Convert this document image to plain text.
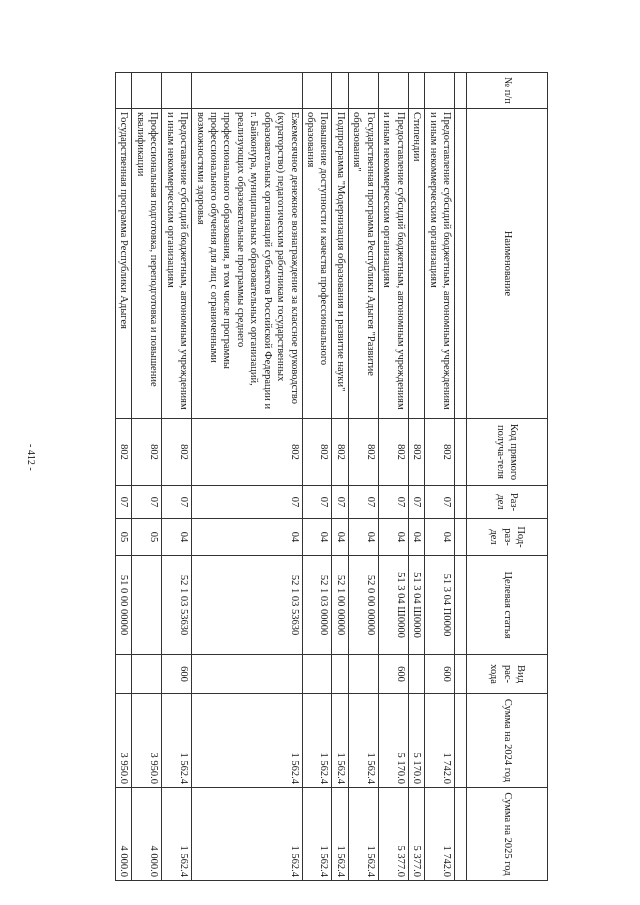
- 412 -
№ п/п	Наименование	Код прямого получа-теля	Раз-дел	Под-раз-дел	Целевая статья	Вид рас-хода	Сумма на 2024 год	Сумма на 2025 год

	Предоставление субсидий бюджетным, автономным учреждениям и иным некоммерческим организациям	802	07	04	51 3 04 П0000	600	1 742.0	1 742.0
	Стипендии	802	07	04	51 3 04 Ш0000		5 170.0	5 377.0
	Предоставление субсидий бюджетным, автономным учреждениям и иным некоммерческим организациям	802	07	04	51 3 04 Ш0000	600	5 170.0	5 377.0
	Государственная программа Республики Адыгея "Развитие образования"	802	07	04	52 0 00 00000		1 562.4	1 562.4
	Подпрограмма "Модернизация образования и развитие науки"	802	07	04	52 1 00 00000		1 562.4	1 562.4
	Повышение доступности и качества профессионального образования	802	07	04	52 1 03 00000		1 562.4	1 562.4
	Ежемесячное денежное вознаграждение за классное руководство (кураторство) педагогическим работникам государственных образовательных организаций субъектов Российской Федерации и г. Байконура, муниципальных образовательных организаций, реализующих образовательные программы среднего профессионального образования, в том числе программы профессионального обучения для лиц с ограниченными возможностями здоровья	802	07	04	52 1 03 53630		1 562.4	1 562.4
	Предоставление субсидий бюджетным, автономным учреждениям и иным некоммерческим организациям	802	07	04	52 1 03 53630	600	1 562.4	1 562.4
	Профессиональная подготовка, переподготовка и повышение квалификации	802	07	05			3 950.0	4 000.0
	Государственная программа Республики Адыгея	802	07	05	51 0 00 00000		3 950.0	4 000.0
